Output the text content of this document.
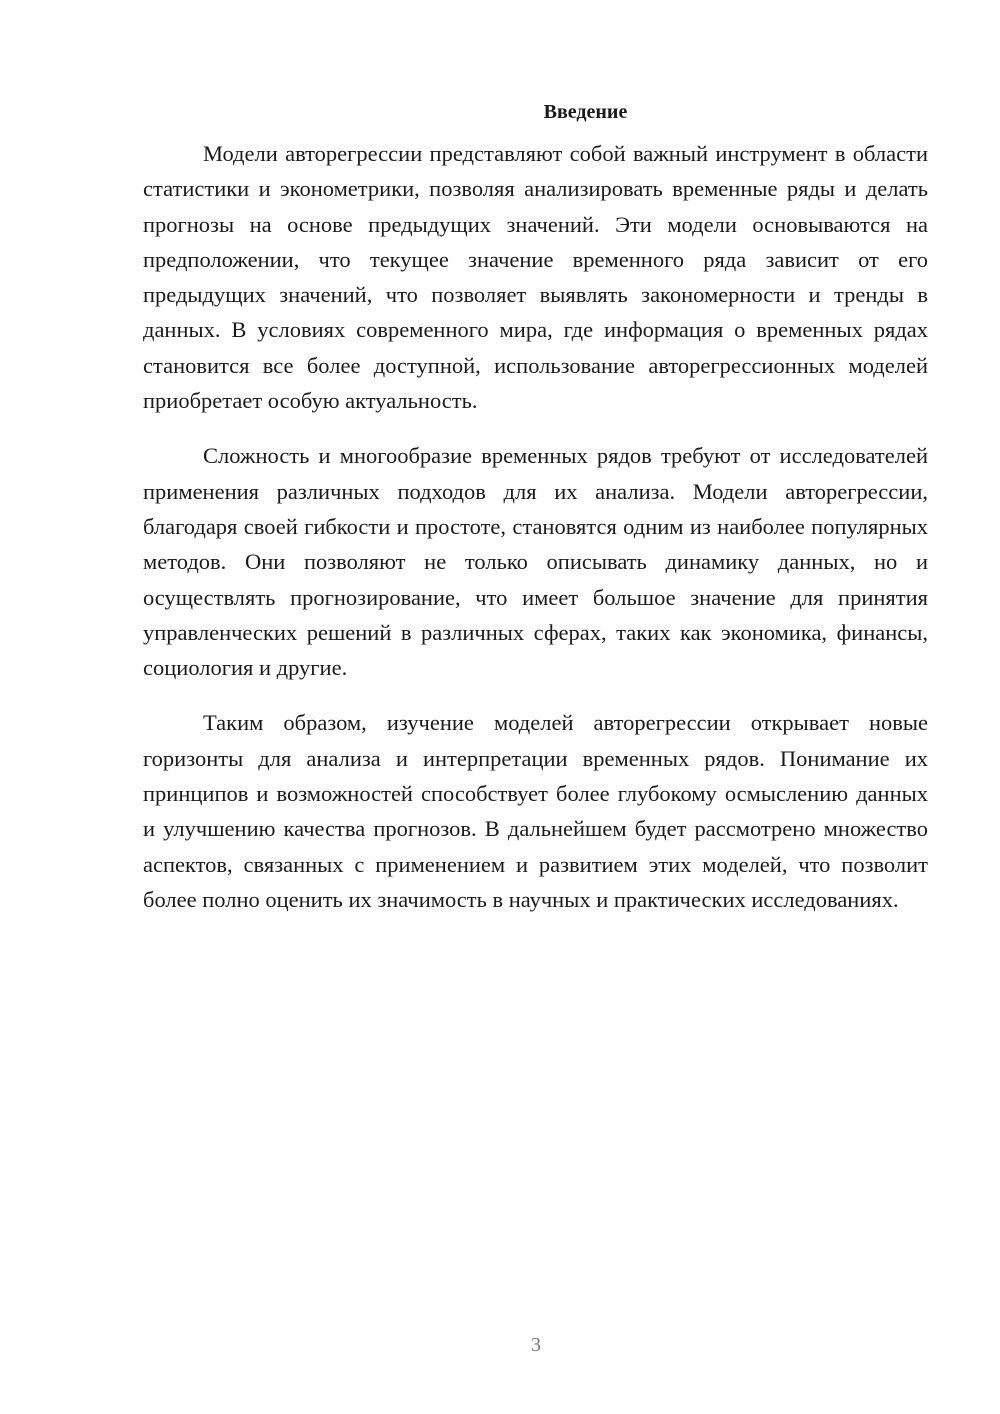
Введение

Модели авторегрессии представляют собой важный инструмент в области статистики и эконометрики, позволяя анализировать временные ряды и делать прогнозы на основе предыдущих значений. Эти модели основываются на предположении, что текущее значение временного ряда зависит от его предыдущих значений, что позволяет выявлять закономерности и тренды в данных. В условиях современного мира, где информация о временных рядах становится все более доступной, использование авторегрессионных моделей приобретает особую актуальность.

Сложность и многообразие временных рядов требуют от исследователей применения различных подходов для их анализа. Модели авторегрессии, благодаря своей гибкости и простоте, становятся одним из наиболее популярных методов. Они позволяют не только описывать динамику данных, но и осуществлять прогнозирование, что имеет большое значение для принятия управленческих решений в различных сферах, таких как экономика, финансы, социология и другие.

Таким образом, изучение моделей авторегрессии открывает новые горизонты для анализа и интерпретации временных рядов. Понимание их принципов и возможностей способствует более глубокому осмыслению данных и улучшению качества прогнозов. В дальнейшем будет рассмотрено множество аспектов, связанных с применением и развитием этих моделей, что позволит более полно оценить их значимость в научных и практических исследованиях.

3
